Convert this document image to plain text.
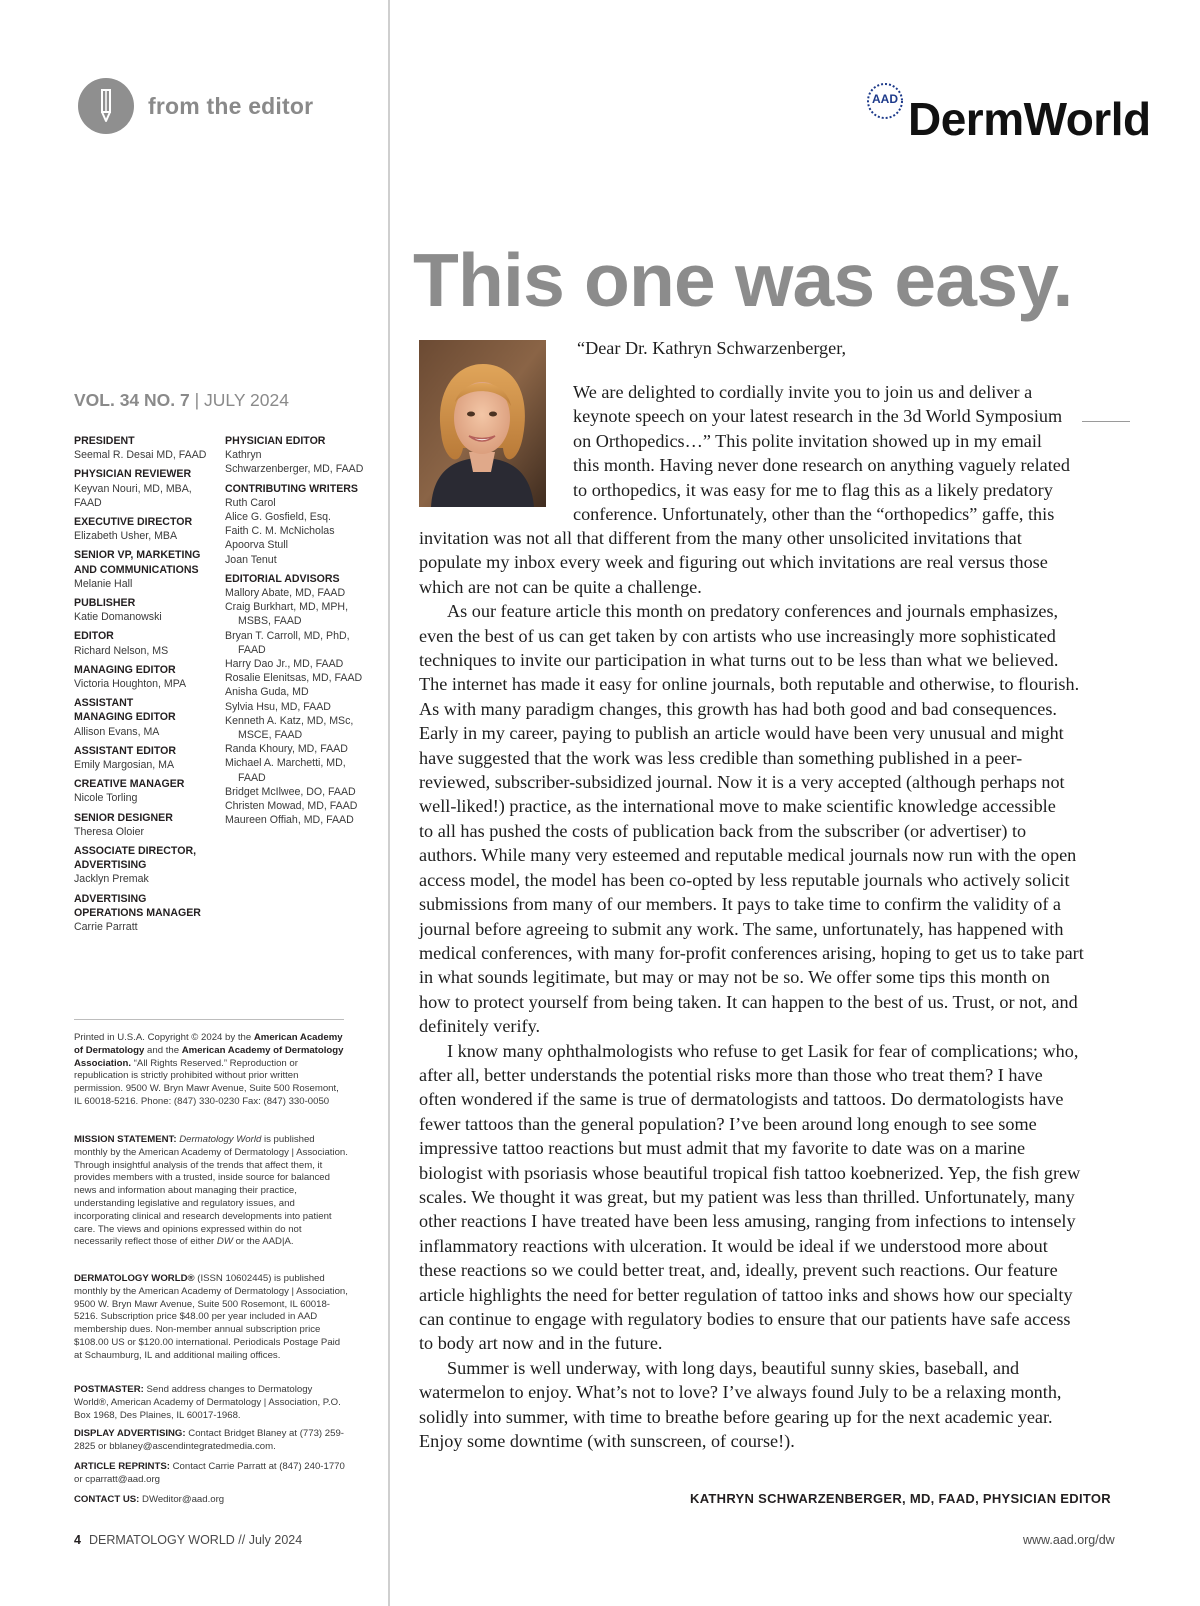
from the editor	AAD DermWorld
VOL. 34 NO. 7 | JULY 2024
PRESIDENT
Seemal R. Desai MD, FAAD
PHYSICIAN REVIEWER
Keyvan Nouri, MD, MBA,
FAAD
EXECUTIVE DIRECTOR
Elizabeth Usher, MBA
SENIOR VP, MARKETING
AND COMMUNICATIONS
Melanie Hall
PUBLISHER
Katie Domanowski
EDITOR
Richard Nelson, MS
MANAGING EDITOR
Victoria Houghton, MPA
ASSISTANT
MANAGING EDITOR
Allison Evans, MA
ASSISTANT EDITOR
Emily Margosian, MA
CREATIVE MANAGER
Nicole Torling
SENIOR DESIGNER
Theresa Oloier
ASSOCIATE DIRECTOR,
ADVERTISING
Jacklyn Premak
ADVERTISING
OPERATIONS MANAGER
Carrie Parratt
PHYSICIAN EDITOR
Kathryn
Schwarzenberger, MD, FAAD
CONTRIBUTING WRITERS
Ruth Carol
Alice G. Gosfield, Esq.
Faith C. M. McNicholas
Apoorva Stull
Joan Tenut
EDITORIAL ADVISORS
Mallory Abate, MD, FAAD
Craig Burkhart, MD, MPH,
MSBS, FAAD
Bryan T. Carroll, MD, PhD,
FAAD
Harry Dao Jr., MD, FAAD
Rosalie Elenitsas, MD, FAAD
Anisha Guda, MD
Sylvia Hsu, MD, FAAD
Kenneth A. Katz, MD, MSc,
MSCE, FAAD
Randa Khoury, MD, FAAD
Michael A. Marchetti, MD,
FAAD
Bridget McIlwee, DO, FAAD
Christen Mowad, MD, FAAD
Maureen Offiah, MD, FAAD
Printed in U.S.A. Copyright © 2024 by the American Academy of Dermatology and the American Academy of Dermatology Association. “All Rights Reserved.” Reproduction or republication is strictly prohibited without prior written permission. 9500 W. Bryn Mawr Avenue, Suite 500 Rosemont, IL 60018-5216. Phone: (847) 330-0230 Fax: (847) 330-0050
MISSION STATEMENT: Dermatology World is published monthly by the American Academy of Dermatology | Association. Through insightful analysis of the trends that affect them, it provides members with a trusted, inside source for balanced news and information about managing their practice, understanding legislative and regulatory issues, and incorporating clinical and research developments into patient care. The views and opinions expressed within do not necessarily reflect those of either DW or the AAD|A.
DERMATOLOGY WORLD® (ISSN 10602445) is published monthly by the American Academy of Dermatology | Association, 9500 W. Bryn Mawr Avenue, Suite 500 Rosemont, IL 60018-5216. Subscription price $48.00 per year included in AAD membership dues. Non-member annual subscription price $108.00 US or $120.00 international. Periodicals Postage Paid at Schaumburg, IL and additional mailing offices.
POSTMASTER: Send address changes to Dermatology World®, American Academy of Dermatology | Association, P.O. Box 1968, Des Plaines, IL 60017-1968.
DISPLAY ADVERTISING: Contact Bridget Blaney at (773) 259-2825 or bblaney@ascendintegratedmedia.com.
ARTICLE REPRINTS: Contact Carrie Parratt at (847) 240-1770 or cparratt@aad.org
CONTACT US: DWeditor@aad.org
This one was easy.
“Dear Dr. Kathryn Schwarzenberger,
We are delighted to cordially invite you to join us and deliver a
keynote speech on your latest research in the 3d World Symposium
on Orthopedics…” This polite invitation showed up in my email
this month. Having never done research on anything vaguely related
to orthopedics, it was easy for me to flag this as a likely predatory
conference. Unfortunately, other than the “orthopedics” gaffe, this
invitation was not all that different from the many other unsolicited invitations that
populate my inbox every week and figuring out which invitations are real versus those
which are not can be quite a challenge.
As our feature article this month on predatory conferences and journals emphasizes,
even the best of us can get taken by con artists who use increasingly more sophisticated
techniques to invite our participation in what turns out to be less than what we believed.
The internet has made it easy for online journals, both reputable and otherwise, to flourish.
As with many paradigm changes, this growth has had both good and bad consequences.
Early in my career, paying to publish an article would have been very unusual and might
have suggested that the work was less credible than something published in a peer-
reviewed, subscriber-subsidized journal. Now it is a very accepted (although perhaps not
well-liked!) practice, as the international move to make scientific knowledge accessible
to all has pushed the costs of publication back from the subscriber (or advertiser) to
authors. While many very esteemed and reputable medical journals now run with the open
access model, the model has been co-opted by less reputable journals who actively solicit
submissions from many of our members. It pays to take time to confirm the validity of a
journal before agreeing to submit any work. The same, unfortunately, has happened with
medical conferences, with many for-profit conferences arising, hoping to get us to take part
in what sounds legitimate, but may or may not be so. We offer some tips this month on
how to protect yourself from being taken. It can happen to the best of us. Trust, or not, and
definitely verify.
I know many ophthalmologists who refuse to get Lasik for fear of complications; who,
after all, better understands the potential risks more than those who treat them? I have
often wondered if the same is true of dermatologists and tattoos. Do dermatologists have
fewer tattoos than the general population? I’ve been around long enough to see some
impressive tattoo reactions but must admit that my favorite to date was on a marine
biologist with psoriasis whose beautiful tropical fish tattoo koebnerized. Yep, the fish grew
scales. We thought it was great, but my patient was less than thrilled. Unfortunately, many
other reactions I have treated have been less amusing, ranging from infections to intensely
inflammatory reactions with ulceration. It would be ideal if we understood more about
these reactions so we could better treat, and, ideally, prevent such reactions. Our feature
article highlights the need for better regulation of tattoo inks and shows how our specialty
can continue to engage with regulatory bodies to ensure that our patients have safe access
to body art now and in the future.
Summer is well underway, with long days, beautiful sunny skies, baseball, and
watermelon to enjoy. What’s not to love? I’ve always found July to be a relaxing month,
solidly into summer, with time to breathe before gearing up for the next academic year.
Enjoy some downtime (with sunscreen, of course!).
KATHRYN SCHWARZENBERGER, MD, FAAD, PHYSICIAN EDITOR
4 DERMATOLOGY WORLD // July 2024	www.aad.org/dw
